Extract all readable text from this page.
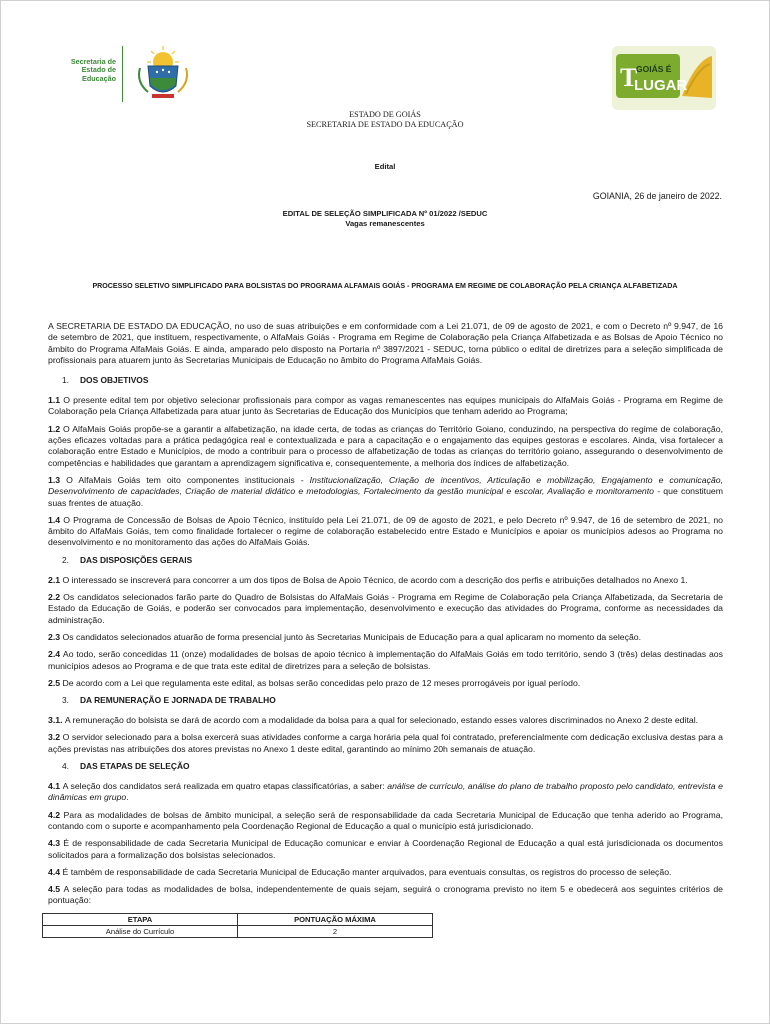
Secretaria de
Estado de
Educação	T
GOIÁS É
LUGAR
ESTADO DE GOIÁS
SECRETARIA DE ESTADO DA EDUCAÇÃO
Edital
GOIANIA, 26 de janeiro de 2022.
EDITAL DE SELEÇÃO SIMPLIFICADA Nº 01/2022 /SEDUC
Vagas remanescentes
PROCESSO SELETIVO SIMPLIFICADO PARA BOLSISTAS DO PROGRAMA ALFAMAIS GOIÁS - PROGRAMA EM REGIME DE COLABORAÇÃO PELA CRIANÇA ALFABETIZADA

A SECRETARIA DE ESTADO DA EDUCAÇÃO, no uso de suas atribuições e em conformidade com a Lei 21.071, de 09 de agosto de 2021, e com o Decreto nº 9.947, de 16 de setembro de 2021, que instituem, respectivamente, o AlfaMais Goiás - Programa em Regime de Colaboração pela Criança Alfabetizada e as Bolsas de Apoio Técnico no âmbito do Programa AlfaMais Goiás. E ainda, amparado pelo disposto na Portaria nº 3897/2021 - SEDUC, torna público o edital de diretrizes para a seleção simplificada de profissionais para atuarem junto às Secretarias Municipais de Educação no âmbito do Programa AlfaMais Goiás.

1. DOS OBJETIVOS

1.1 O presente edital tem por objetivo selecionar profissionais para compor as vagas remanescentes nas equipes municipais do AlfaMais Goiás - Programa em Regime de Colaboração pela Criança Alfabetizada para atuar junto às Secretarias de Educação dos Municípios que tenham aderido ao Programa;

1.2 O AlfaMais Goiás propõe-se a garantir a alfabetização, na idade certa, de todas as crianças do Território Goiano, conduzindo, na perspectiva do regime de colaboração, ações eficazes voltadas para a prática pedagógica real e contextualizada e para a capacitação e o engajamento das equipes gestoras e escolares. Ainda, visa fortalecer a colaboração entre Estado e Municípios, de modo a contribuir para o processo de alfabetização de todas as crianças do território goiano, assegurando o desenvolvimento de competências e habilidades que garantam a aprendizagem significativa e, consequentemente, a melhoria dos índices de alfabetização.

1.3 O AlfaMais Goiás tem oito componentes institucionais - Institucionalização, Criação de incentivos, Articulação e mobilização, Engajamento e comunicação, Desenvolvimento de capacidades, Criação de material didático e metodologias, Fortalecimento da gestão municipal e escolar, Avaliação e monitoramento - que constituem suas frentes de atuação.

1.4 O Programa de Concessão de Bolsas de Apoio Técnico, instituído pela Lei 21.071, de 09 de agosto de 2021, e pelo Decreto nº 9.947, de 16 de setembro de 2021, no âmbito do AlfaMais Goiás, tem como finalidade fortalecer o regime de colaboração estabelecido entre Estado e Municípios e apoiar os municípios adesos ao Programa no desenvolvimento e no monitoramento das ações do AlfaMais Goiás.

2. DAS DISPOSIÇÕES GERAIS

2.1 O interessado se inscreverá para concorrer a um dos tipos de Bolsa de Apoio Técnico, de acordo com a descrição dos perfis e atribuições detalhados no Anexo 1.

2.2 Os candidatos selecionados farão parte do Quadro de Bolsistas do AlfaMais Goiás - Programa em Regime de Colaboração pela Criança Alfabetizada, da Secretaria de Estado da Educação de Goiás, e poderão ser convocados para implementação, desenvolvimento e execução das atividades do Programa, conforme as necessidades da administração.

2.3 Os candidatos selecionados atuarão de forma presencial junto às Secretarias Municipais de Educação para a qual aplicaram no momento da seleção.

2.4 Ao todo, serão concedidas 11 (onze) modalidades de bolsas de apoio técnico à implementação do AlfaMais Goiás em todo território, sendo 3 (três) delas destinadas aos municípios adesos ao Programa e de que trata este edital de diretrizes para a seleção de bolsistas.

2.5 De acordo com a Lei que regulamenta este edital, as bolsas serão concedidas pelo prazo de 12 meses prorrogáveis por igual período.

3. DA REMUNERAÇÃO E JORNADA DE TRABALHO

3.1. A remuneração do bolsista se dará de acordo com a modalidade da bolsa para a qual for selecionado, estando esses valores discriminados no Anexo 2 deste edital.

3.2 O servidor selecionado para a bolsa exercerá suas atividades conforme a carga horária pela qual foi contratado, preferencialmente com dedicação exclusiva destas para a ações previstas nas atribuições dos atores previstas no Anexo 1 deste edital, garantindo ao mínimo 20h semanais de atuação.

4. DAS ETAPAS DE SELEÇÃO

4.1 A seleção dos candidatos será realizada em quatro etapas classificatórias, a saber: análise de currículo, análise do plano de trabalho proposto pelo candidato, entrevista e dinâmicas em grupo.

4.2 Para as modalidades de bolsas de âmbito municipal, a seleção será de responsabilidade da cada Secretaria Municipal de Educação que tenha aderido ao Programa, contando com o suporte e acompanhamento pela Coordenação Regional de Educação a qual o município está jurisdicionado.

4.3 É de responsabilidade de cada Secretaria Municipal de Educação comunicar e enviar à Coordenação Regional de Educação a qual está jurisdicionada os documentos solicitados para a formalização dos bolsistas selecionados.

4.4 É também de responsabilidade de cada Secretaria Municipal de Educação manter arquivados, para eventuais consultas, os registros do processo de seleção.

4.5 A seleção para todas as modalidades de bolsa, independentemente de quais sejam, seguirá o cronograma previsto no item 5 e obedecerá aos seguintes critérios de pontuação:

ETAPA	PONTUAÇÃO MÁXIMA
Análise do Currículo	2
